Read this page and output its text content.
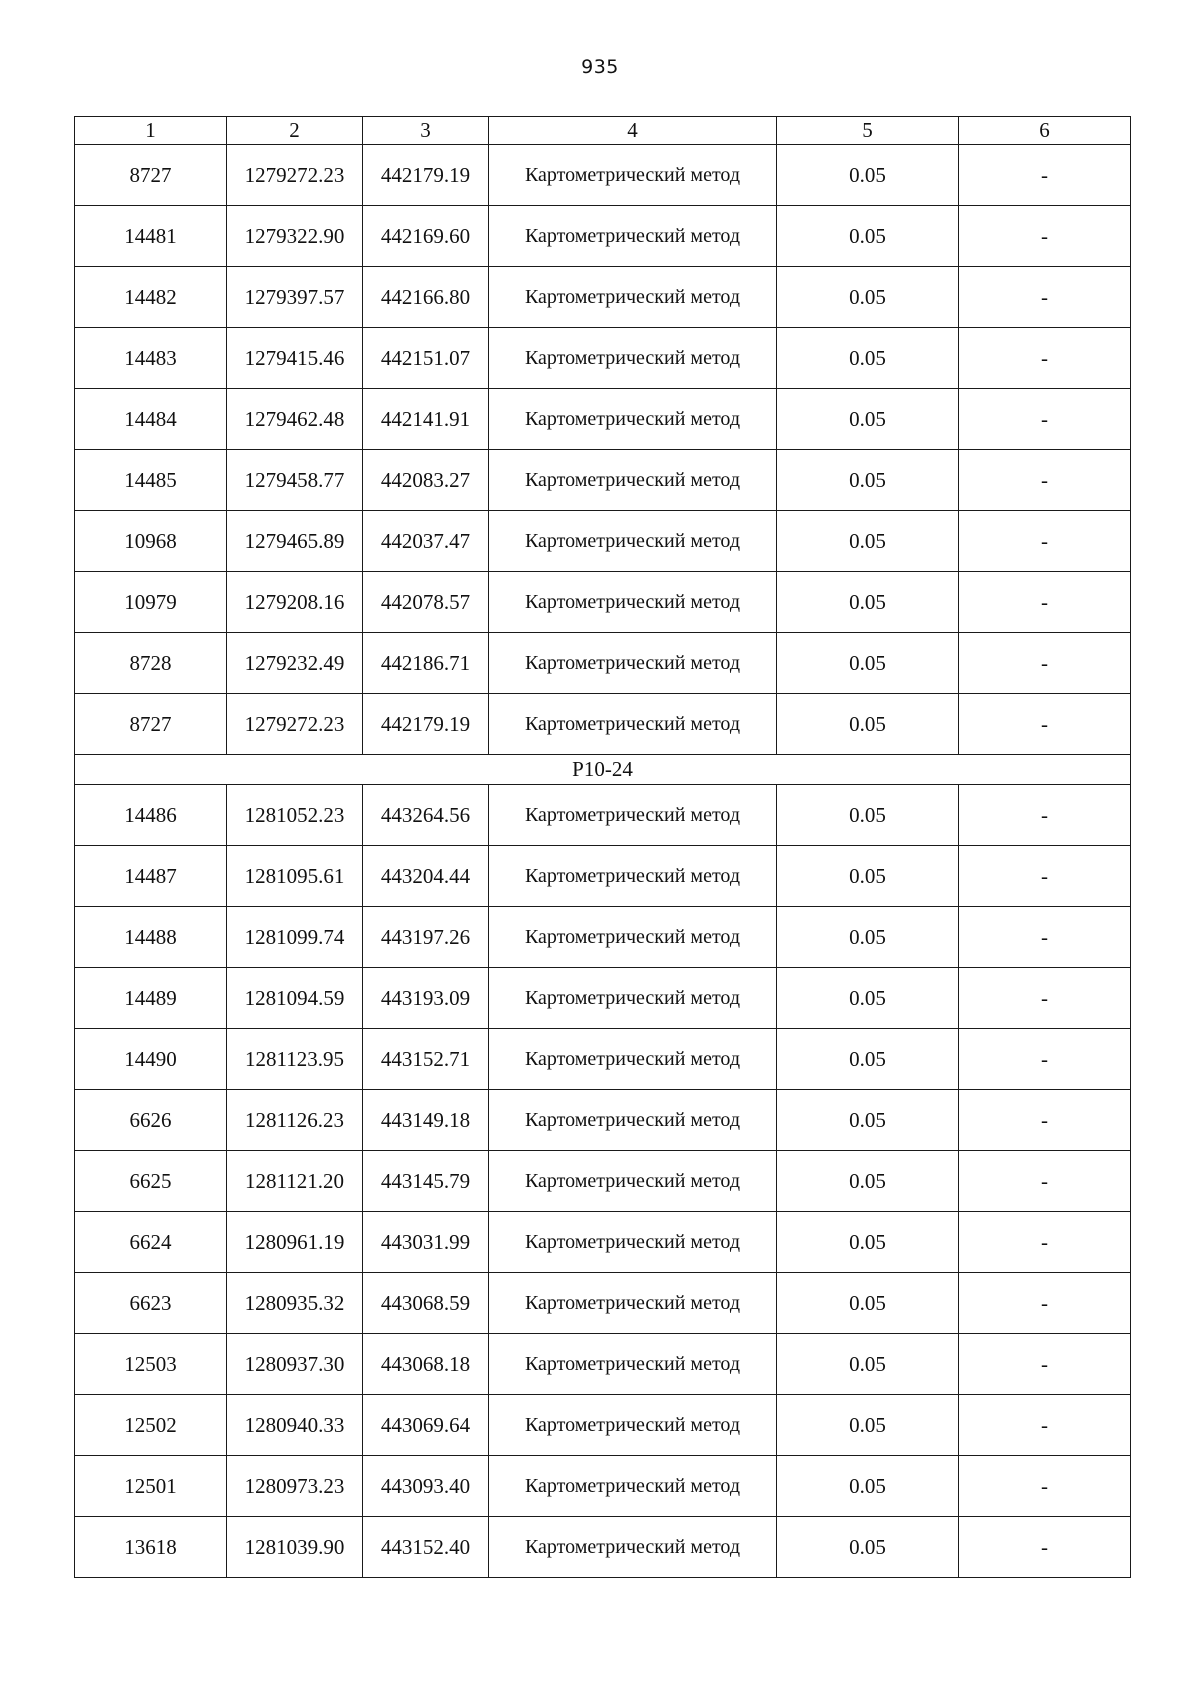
935
1	2	3	4	5	6
8727	1279272.23	442179.19	Картометрический метод	0.05	-
14481	1279322.90	442169.60	Картометрический метод	0.05	-
14482	1279397.57	442166.80	Картометрический метод	0.05	-
14483	1279415.46	442151.07	Картометрический метод	0.05	-
14484	1279462.48	442141.91	Картометрический метод	0.05	-
14485	1279458.77	442083.27	Картометрический метод	0.05	-
10968	1279465.89	442037.47	Картометрический метод	0.05	-
10979	1279208.16	442078.57	Картометрический метод	0.05	-
8728	1279232.49	442186.71	Картометрический метод	0.05	-
8727	1279272.23	442179.19	Картометрический метод	0.05	-
Р10-24					
14486	1281052.23	443264.56	Картометрический метод	0.05	-
14487	1281095.61	443204.44	Картометрический метод	0.05	-
14488	1281099.74	443197.26	Картометрический метод	0.05	-
14489	1281094.59	443193.09	Картометрический метод	0.05	-
14490	1281123.95	443152.71	Картометрический метод	0.05	-
6626	1281126.23	443149.18	Картометрический метод	0.05	-
6625	1281121.20	443145.79	Картометрический метод	0.05	-
6624	1280961.19	443031.99	Картометрический метод	0.05	-
6623	1280935.32	443068.59	Картометрический метод	0.05	-
12503	1280937.30	443068.18	Картометрический метод	0.05	-
12502	1280940.33	443069.64	Картометрический метод	0.05	-
12501	1280973.23	443093.40	Картометрический метод	0.05	-
13618	1281039.90	443152.40	Картометрический метод	0.05	-
